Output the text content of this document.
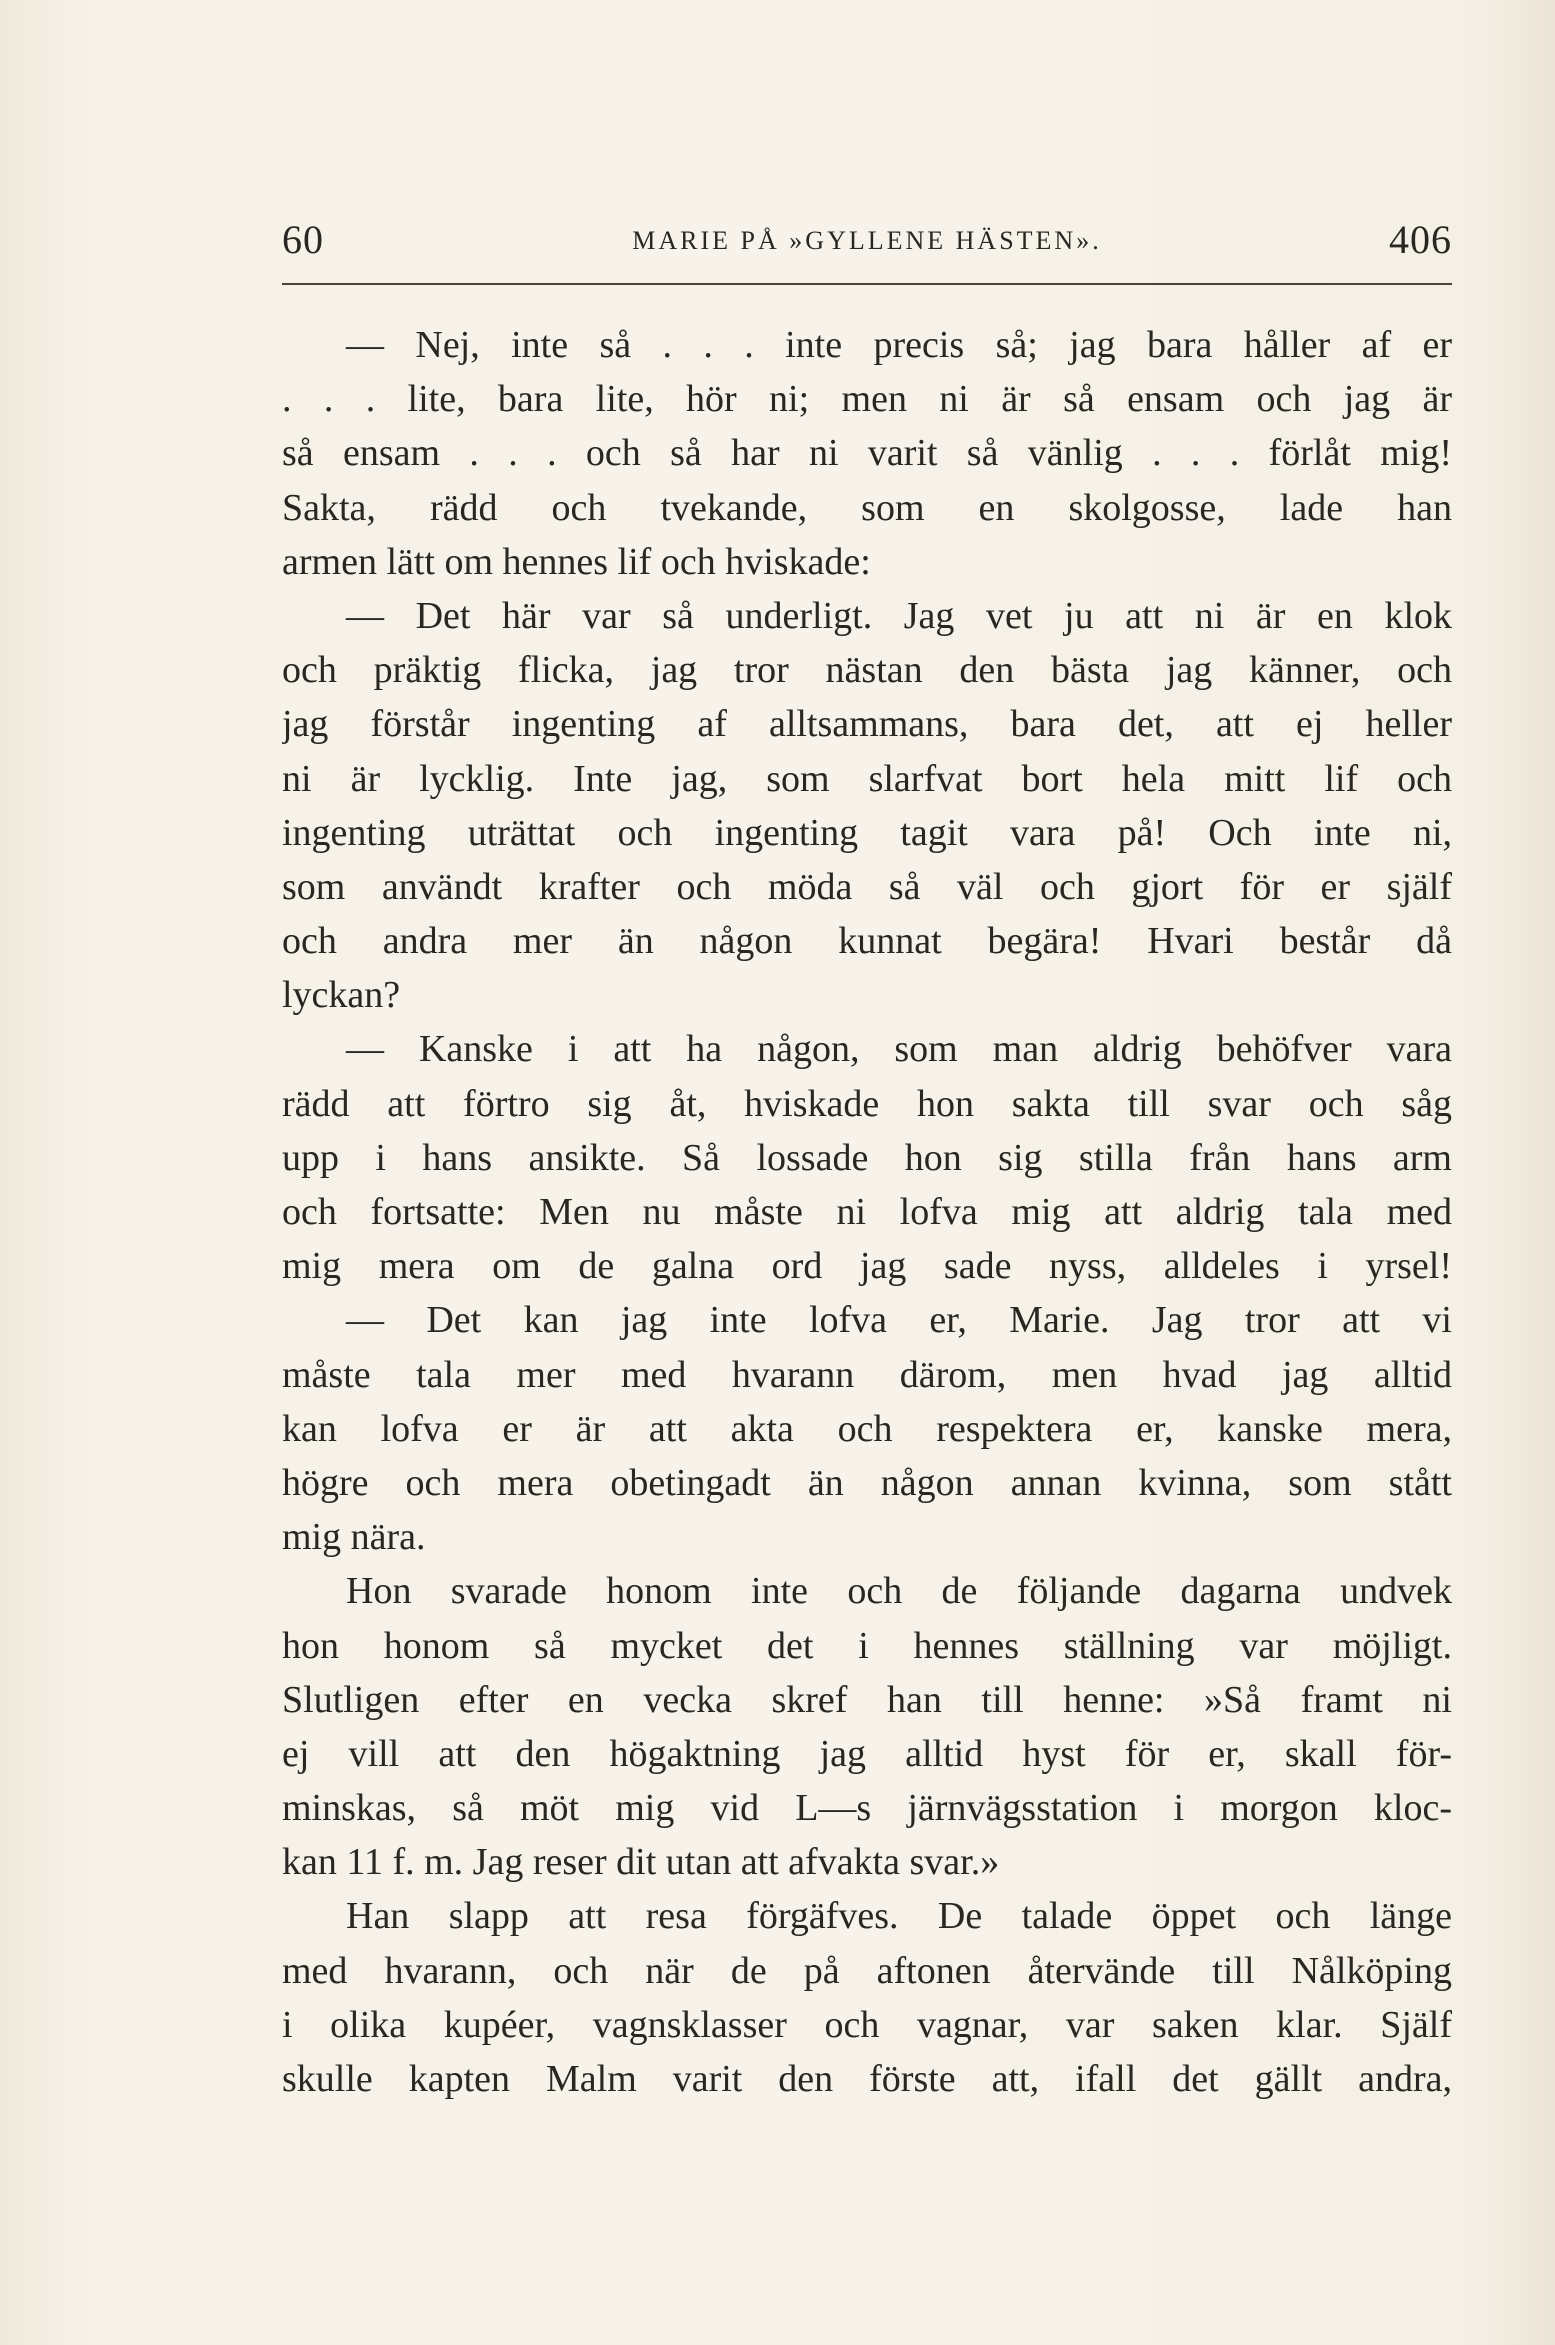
60	MARIE PÅ »GYLLENE HÄSTEN».	406
— Nej, inte så . . . inte precis så; jag bara håller af er
. . . lite, bara lite, hör ni; men ni är så ensam och jag är
så ensam . . . och så har ni varit så vänlig . . . förlåt mig!
Sakta, rädd och tvekande, som en skolgosse, lade han
armen lätt om hennes lif och hviskade:
— Det här var så underligt. Jag vet ju att ni är en klok
och präktig flicka, jag tror nästan den bästa jag känner, och
jag förstår ingenting af alltsammans, bara det, att ej heller
ni är lycklig. Inte jag, som slarfvat bort hela mitt lif och
ingenting uträttat och ingenting tagit vara på! Och inte ni,
som användt krafter och möda så väl och gjort för er själf
och andra mer än någon kunnat begära! Hvari består då
lyckan?
— Kanske i att ha någon, som man aldrig behöfver vara
rädd att förtro sig åt, hviskade hon sakta till svar och såg
upp i hans ansikte. Så lossade hon sig stilla från hans arm
och fortsatte: Men nu måste ni lofva mig att aldrig tala med
mig mera om de galna ord jag sade nyss, alldeles i yrsel!
— Det kan jag inte lofva er, Marie. Jag tror att vi
måste tala mer med hvarann därom, men hvad jag alltid
kan lofva er är att akta och respektera er, kanske mera,
högre och mera obetingadt än någon annan kvinna, som stått
mig nära.
Hon svarade honom inte och de följande dagarna undvek
hon honom så mycket det i hennes ställning var möjligt.
Slutligen efter en vecka skref han till henne: »Så framt ni
ej vill att den högaktning jag alltid hyst för er, skall för-
minskas, så möt mig vid L—s järnvägsstation i morgon kloc-
kan 11 f. m. Jag reser dit utan att afvakta svar.»
Han slapp att resa förgäfves. De talade öppet och länge
med hvarann, och när de på aftonen återvände till Nålköping
i olika kupéer, vagnsklasser och vagnar, var saken klar. Själf
skulle kapten Malm varit den förste att, ifall det gällt andra,
